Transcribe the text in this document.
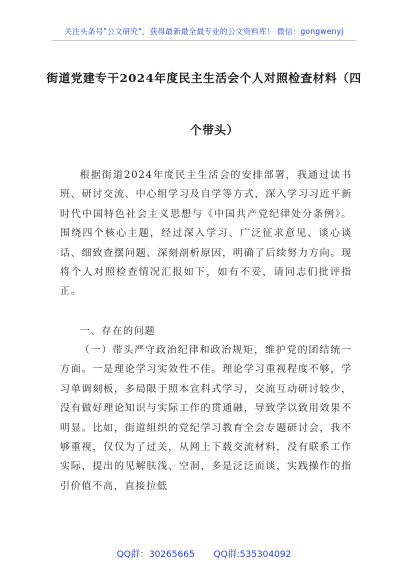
关注头条号"公文研究"，获得最新最全最专业的公文资料库！ 微信：gongwenyj
街道党建专干2024年度民主生活会个人对照检查材料（四
个带头）
根据街道2024年度民主生活会的安排部署，我通过读书班、研讨交流、中心组学习及自学等方式，深入学习习近平新时代中国特色社会主义思想与《中国共产党纪律处分条例》。围绕四个核心主题，经过深入学习、广泛征求意见、谈心谈话、细致查摆问题、深刻剖析原因，明确了后续努力方向。现将个人对照检查情况汇报如下，如有不妥，请同志们批评指正。
一、存在的问题
（一）带头严守政治纪律和政治规矩，维护党的团结统一方面。一是理论学习实效性不佳。理论学习重视程度不够，学习单调刻板，多局限于照本宣科式学习，交流互动研讨较少，没有做好理论知识与实际工作的贯通融，导致学以致用效果不明显。比如，街道组织的党纪学习教育全会专题研讨会，我不够重视，仅仅为了过关，从网上下载交流材料，没有联系工作实际，提出的见解肤浅、空洞，多是泛泛而谈，实践操作的指引价值不高，直接拉低
QQ群：30265665 QQ群:535304092
